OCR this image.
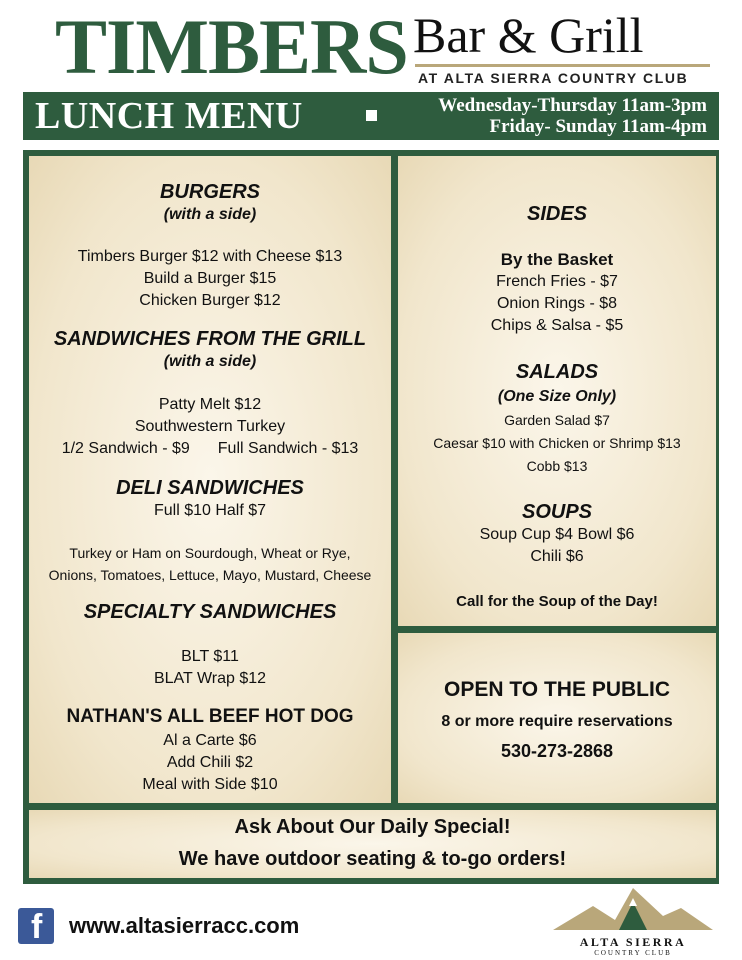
TIMBERS Bar & Grill
AT ALTA SIERRA COUNTRY CLUB
LUNCH MENU	Wednesday-Thursday 11am-3pm
Friday- Sunday 11am-4pm
BURGERS
(with a side)
Timbers Burger $12 with Cheese $13
Build a Burger $15
Chicken Burger $12
SANDWICHES FROM THE GRILL
(with a side)
Patty Melt $12
Southwestern Turkey
1/2 Sandwich - $9 Full Sandwich - $13
DELI SANDWICHES
Full $10 Half $7
Turkey or Ham on Sourdough, Wheat or Rye,
Onions, Tomatoes, Lettuce, Mayo, Mustard, Cheese
SPECIALTY SANDWICHES
BLT $11
BLAT Wrap $12
NATHAN'S ALL BEEF HOT DOG
Al a Carte $6
Add Chili $2
Meal with Side $10
SIDES
By the Basket
French Fries - $7
Onion Rings - $8
Chips & Salsa - $5
SALADS
(One Size Only)
Garden Salad $7
Caesar $10 with Chicken or Shrimp $13
Cobb $13
SOUPS
Soup Cup $4 Bowl $6
Chili $6
Call for the Soup of the Day!
OPEN TO THE PUBLIC
8 or more require reservations
530-273-2868
Ask About Our Daily Special!
We have outdoor seating & to-go orders!
f www.altasierracc.com
ALTA SIERRA
COUNTRY CLUB
